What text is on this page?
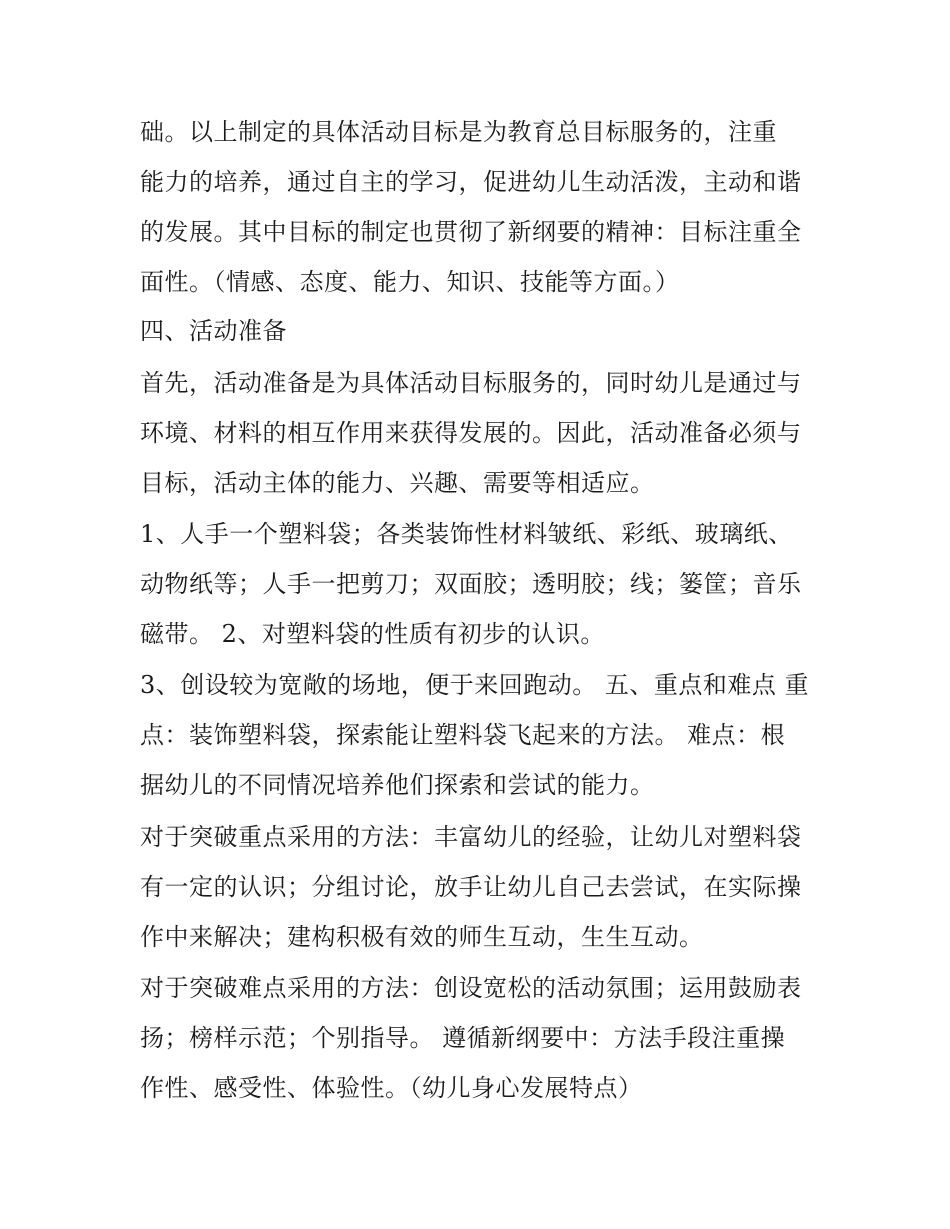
础。以上制定的具体活动目标是为教育总目标服务的，注重
能力的培养，通过自主的学习，促进幼儿生动活泼，主动和谐
的发展。其中目标的制定也贯彻了新纲要的精神：目标注重全
面性。（情感、态度、能力、知识、技能等方面。）
四、活动准备
首先，活动准备是为具体活动目标服务的，同时幼儿是通过与
环境、材料的相互作用来获得发展的。因此，活动准备必须与
目标，活动主体的能力、兴趣、需要等相适应。
1、人手一个塑料袋；各类装饰性材料皱纸、彩纸、玻璃纸、
动物纸等；人手一把剪刀；双面胶；透明胶；线；篓筐；音乐
磁带。 2、对塑料袋的性质有初步的认识。
3、创设较为宽敞的场地，便于来回跑动。 五、重点和难点 重
点：装饰塑料袋，探索能让塑料袋飞起来的方法。 难点：根
据幼儿的不同情况培养他们探索和尝试的能力。
对于突破重点采用的方法：丰富幼儿的经验，让幼儿对塑料袋
有一定的认识；分组讨论，放手让幼儿自己去尝试，在实际操
作中来解决；建构积极有效的师生互动，生生互动。
对于突破难点采用的方法：创设宽松的活动氛围；运用鼓励表
扬；榜样示范；个别指导。 遵循新纲要中：方法手段注重操
作性、感受性、体验性。（幼儿身心发展特点）
